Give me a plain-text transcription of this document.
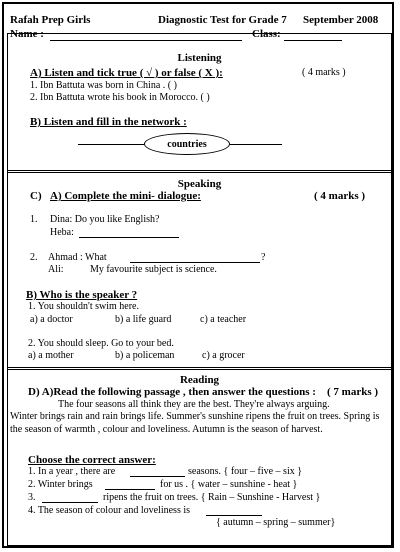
Rafah Prep Girls	Diagnostic Test for Grade 7 September 2008
Name :	Class:
Listening
A) Listen and tick true ( √ ) or false ( X ):	( 4 marks )
1. Ibn Battuta was born in China . ( )
2. Ibn Battuta wrote his book in Morocco. ( )
B) Listen and fill in the network :
countries
Speaking
C) A) Complete the mini- dialogue:	( 4 marks )
1. Dina: Do you like English?
Heba:
2. Ahmad : What	?
Ali:	My favourite subject is science.
B) Who is the speaker ?
1. You shouldn't swim here.
a) a doctor	b) a life guard	c) a teacher
2. You should sleep. Go to your bed.
a) a mother	b) a policeman	c) a grocer
Reading
D) A)Read the following passage , then answer the questions : ( 7 marks )
The four seasons all think they are the best. They're always arguing.
Winter brings rain and rain brings life. Summer's sunshine ripens the fruit on trees. Spring is the season of warmth , colour and loveliness. Autumn is the season of harvest.
Choose the correct answer:
1. In a year , there are	seasons. { four – five – six }
2. Winter brings	for us . { water – sunshine - heat }
3.	ripens the fruit on trees. { Rain – Sunshine - Harvest }
4. The season of colour and loveliness is
{ autumn – spring – summer}
